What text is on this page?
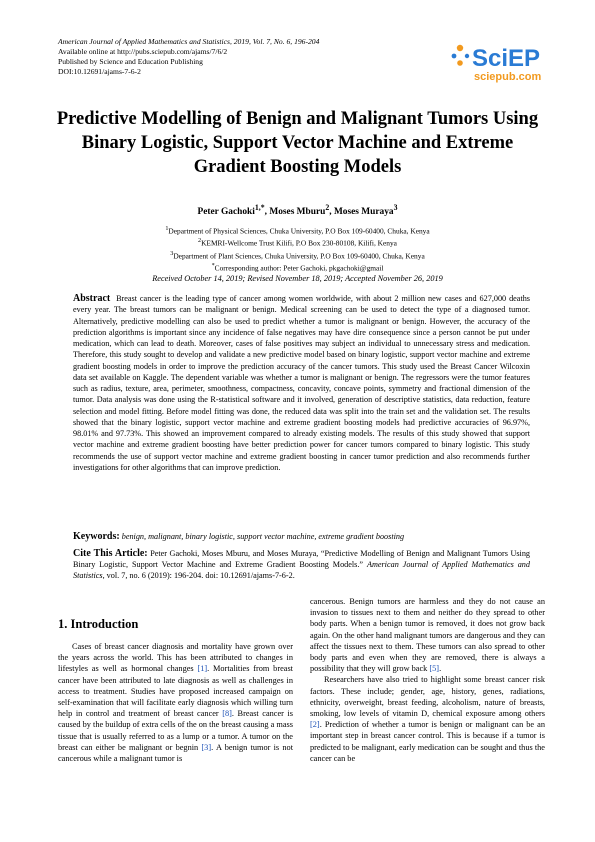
American Journal of Applied Mathematics and Statistics, 2019, Vol. 7, No. 6, 196-204
Available online at http://pubs.sciepub.com/ajams/7/6/2
Published by Science and Education Publishing
DOI:10.12691/ajams-7-6-2	SciEP
sciepub.com
Predictive Modelling of Benign and Malignant Tumors Using Binary Logistic, Support Vector Machine and Extreme Gradient Boosting Models
Peter Gachoki$^{1,*}$, Moses Mburu$^2$, Moses Muraya$^3$
$^1$Department of Physical Sciences, Chuka University, P.O Box 109-60400, Chuka, Kenya
$^2$KEMRI-Wellcome Trust Kilifi, P.O Box 230-80108, Kilifi, Kenya
$^3$Department of Plant Sciences, Chuka University, P.O Box 109-60400, Chuka, Kenya
*Corresponding author: Peter Gachoki, pkgachoki@gmail
Received October 14, 2019; Revised November 18, 2019; Accepted November 26, 2019
Abstract Breast cancer is the leading type of cancer among women worldwide, with about 2 million new cases and 627,000 deaths every year. The breast tumors can be malignant or benign. Medical screening can be used to detect the type of a diagnosed tumor. Alternatively, predictive modelling can also be used to predict whether a tumor is malignant or benign. However, the accuracy of the prediction algorithms is important since any incidence of false negatives may have dire consequence since a person cannot be put under medication, which can lead to death. Moreover, cases of false positives may subject an individual to unnecessary stress and medication. Therefore, this study sought to develop and validate a new predictive model based on binary logistic, support vector machine and extreme gradient boosting models in order to improve the prediction accuracy of the cancer tumors. This study used the Breast Cancer Wilcoxin data set available on Kaggle. The dependent variable was whether a tumor is malignant or benign. The regressors were the tumor features such as radius, texture, area, perimeter, smoothness, compactness, concavity, concave points, symmetry and fractional dimension of the tumor. Data analysis was done using the R-statistical software and it involved, generation of descriptive statistics, data reduction, feature selection and model fitting. Before model fitting was done, the reduced data was split into the train set and the validation set. The results showed that the binary logistic, support vector machine and extreme gradient boosting models had predictive accuracies of 96.97%, 98.01% and 97.73%. This showed an improvement compared to already existing models. The results of this study showed that support vector machine and extreme gradient boosting have better prediction power for cancer tumors compared to binary logistic. This study recommends the use of support vector machine and extreme gradient boosting in cancer tumor prediction and also recommends further investigations for other algorithms that can improve prediction.
Keywords: benign, malignant, binary logistic, support vector machine, extreme gradient boosting
Cite This Article: Peter Gachoki, Moses Mburu, and Moses Muraya, “Predictive Modelling of Benign and Malignant Tumors Using Binary Logistic, Support Vector Machine and Extreme Gradient Boosting Models.” American Journal of Applied Mathematics and Statistics, vol. 7, no. 6 (2019): 196-204. doi: 10.12691/ajams-7-6-2.
1. Introduction

Cases of breast cancer diagnosis and mortality have grown over the years across the world. This has been attributed to changes in lifestyles as well as hormonal changes [1]. Mortalities from breast cancer have been attributed to late diagnosis as well as challenges in access to treatment. Studies have proposed increased campaign on self-examination that will facilitate early diagnosis which willing turn help in control and treatment of breast cancer [8]. Breast cancer is caused by the buildup of extra cells of the on the breast causing a mass tissue that is usually referred to as a lump or a tumor. A tumor on the breast can either be malignant or begnin [3]. A benign tumor is not cancerous while a malignant tumor is

cancerous. Benign tumors are harmless and they do not cause an invasion to tissues next to them and neither do they spread to other body parts. When a benign tumor is removed, it does not grow back again. On the other hand malignant tumors are dangerous and they can affect the tissues next to them. These tumors can also spread to other body parts and even when they are removed, there is always a possibility that they will grow back [5].

Researchers have also tried to highlight some breast cancer risk factors. These include; gender, age, history, genes, radiations, ethnicity, overweight, breast feeding, alcoholism, nature of breasts, smoking, low levels of vitamin D, chemical exposure among others [2]. Prediction of whether a tumor is benign or malignant can be an important step in breast cancer control. This is because if a tumor is predicted to be malignant, early medication can be sought and thus the cancer can be
